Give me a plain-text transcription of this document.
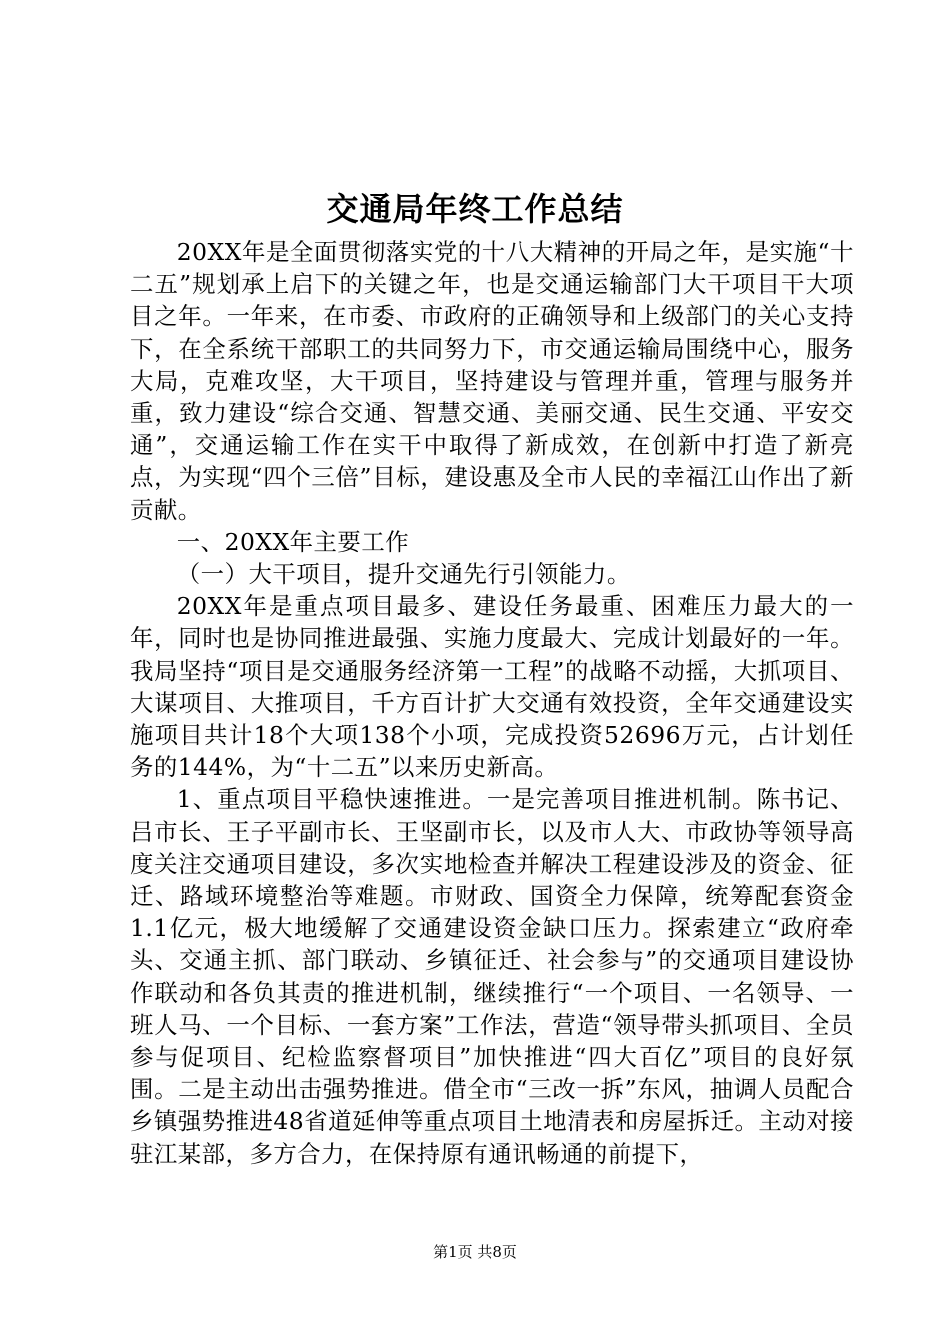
交通局年终工作总结

20XX年是全面贯彻落实党的十八大精神的开局之年，是实施“十二五”规划承上启下的关键之年，也是交通运输部门大干项目干大项目之年。一年来，在市委、市政府的正确领导和上级部门的关心支持下，在全系统干部职工的共同努力下，市交通运输局围绕中心，服务大局，克难攻坚，大干项目，坚持建设与管理并重，管理与服务并重，致力建设“综合交通、智慧交通、美丽交通、民生交通、平安交通”，交通运输工作在实干中取得了新成效，在创新中打造了新亮点，为实现“四个三倍”目标，建设惠及全市人民的幸福江山作出了新贡献。

一、20XX年主要工作

（一）大干项目，提升交通先行引领能力。

20XX年是重点项目最多、建设任务最重、困难压力最大的一年，同时也是协同推进最强、实施力度最大、完成计划最好的一年。我局坚持“项目是交通服务经济第一工程”的战略不动摇，大抓项目、大谋项目、大推项目，千方百计扩大交通有效投资，全年交通建设实施项目共计18个大项138个小项，完成投资52696万元，占计划任务的144%，为“十二五”以来历史新高。

1、重点项目平稳快速推进。一是完善项目推进机制。陈书记、吕市长、王子平副市长、王坚副市长，以及市人大、市政协等领导高度关注交通项目建设，多次实地检查并解决工程建设涉及的资金、征迁、路域环境整治等难题。市财政、国资全力保障，统筹配套资金1.1亿元，极大地缓解了交通建设资金缺口压力。探索建立“政府牵头、交通主抓、部门联动、乡镇征迁、社会参与”的交通项目建设协作联动和各负其责的推进机制，继续推行“一个项目、一名领导、一班人马、一个目标、一套方案”工作法，营造“领导带头抓项目、全员参与促项目、纪检监察督项目”加快推进“四大百亿”项目的良好氛围。二是主动出击强势推进。借全市“三改一拆”东风，抽调人员配合乡镇强势推进48省道延伸等重点项目土地清表和房屋拆迁。主动对接驻江某部，多方合力，在保持原有通讯畅通的前提下，

第1页 共8页
